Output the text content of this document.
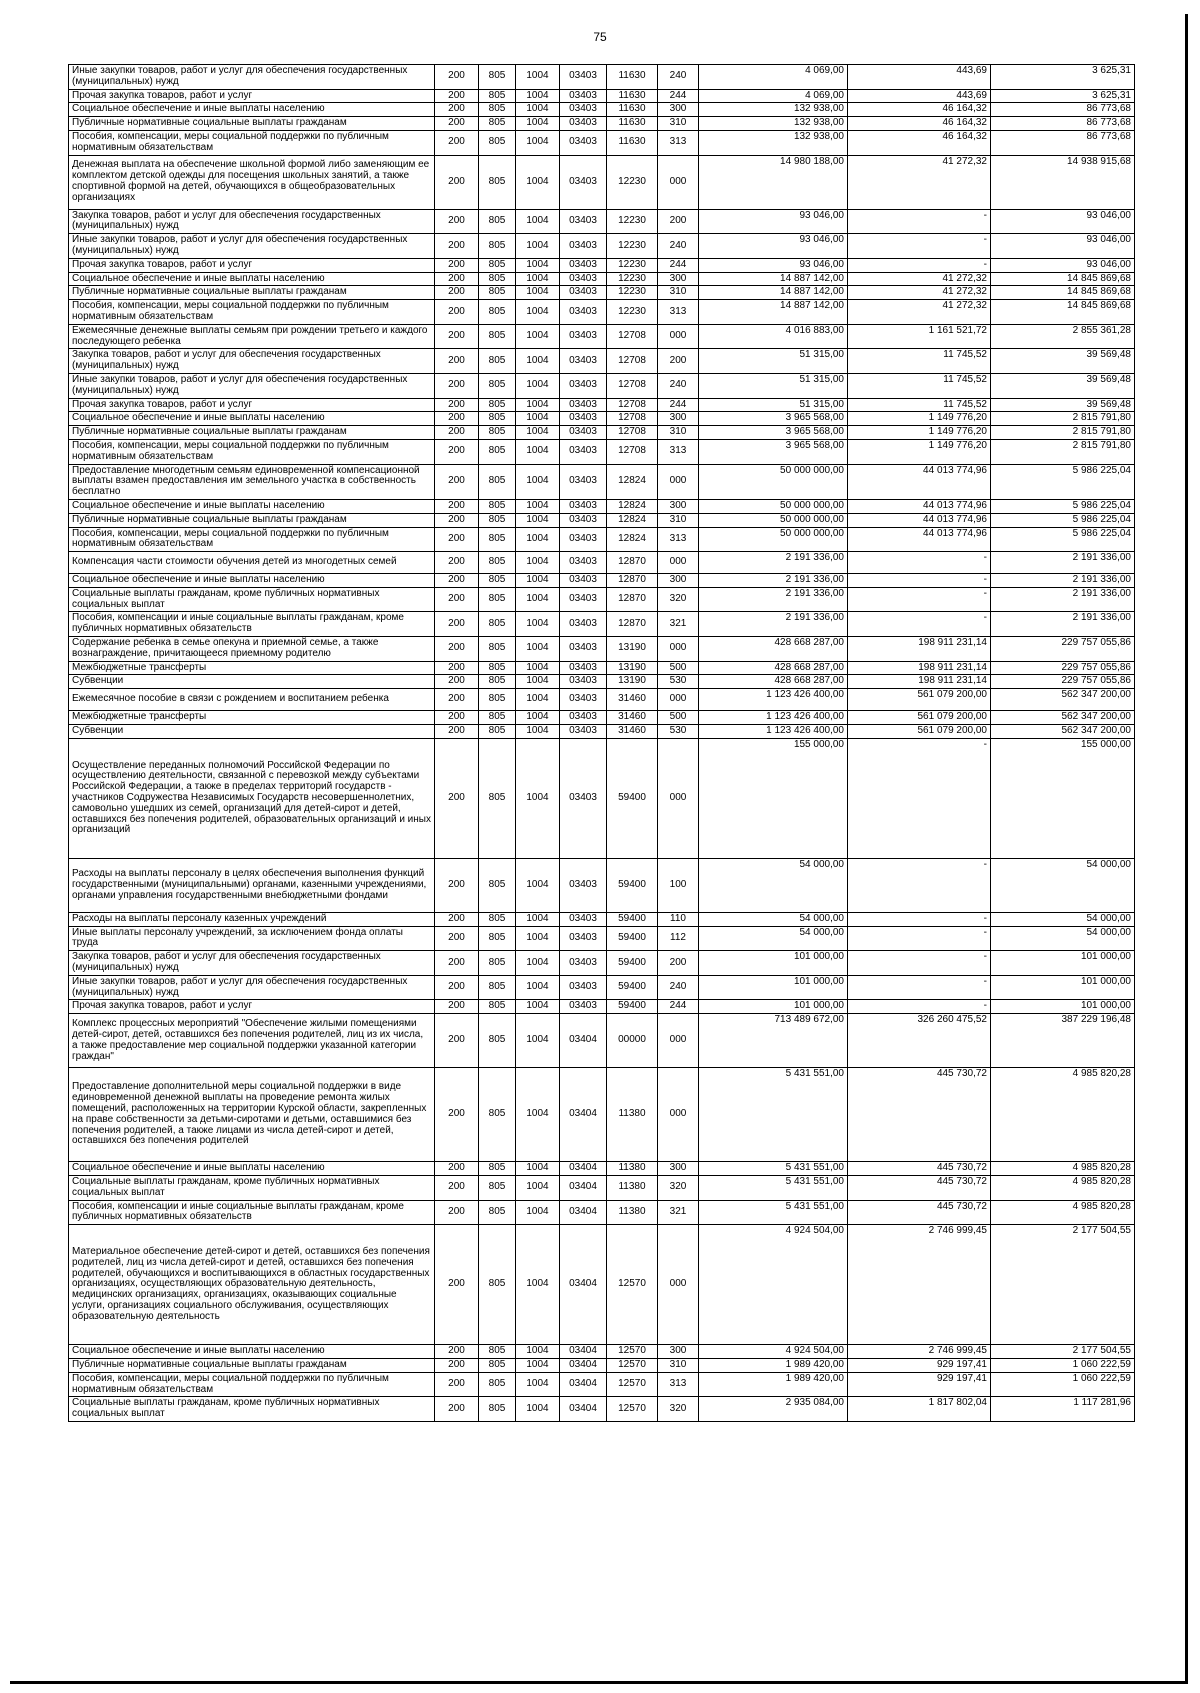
75
Иные закупки товаров, работ и услуг для обеспечения государственных (муниципальных) нужд	200	805	1004	03403	11630	240	4 069,00	443,69	3 625,31
Прочая закупка товаров, работ и услуг	200	805	1004	03403	11630	244	4 069,00	443,69	3 625,31
Социальное обеспечение и иные выплаты населению	200	805	1004	03403	11630	300	132 938,00	46 164,32	86 773,68
Публичные нормативные социальные выплаты гражданам	200	805	1004	03403	11630	310	132 938,00	46 164,32	86 773,68
Пособия, компенсации, меры социальной поддержки по публичным нормативным обязательствам	200	805	1004	03403	11630	313	132 938,00	46 164,32	86 773,68
Денежная выплата на обеспечение школьной формой либо заменяющим ее комплектом детской одежды для посещения школьных занятий, а также спортивной формой на детей, обучающихся в общеобразовательных организациях	200	805	1004	03403	12230	000	14 980 188,00	41 272,32	14 938 915,68
Закупка товаров, работ и услуг для обеспечения государственных (муниципальных) нужд	200	805	1004	03403	12230	200	93 046,00	-	93 046,00
Иные закупки товаров, работ и услуг для обеспечения государственных (муниципальных) нужд	200	805	1004	03403	12230	240	93 046,00	-	93 046,00
Прочая закупка товаров, работ и услуг	200	805	1004	03403	12230	244	93 046,00	-	93 046,00
Социальное обеспечение и иные выплаты населению	200	805	1004	03403	12230	300	14 887 142,00	41 272,32	14 845 869,68
Публичные нормативные социальные выплаты гражданам	200	805	1004	03403	12230	310	14 887 142,00	41 272,32	14 845 869,68
Пособия, компенсации, меры социальной поддержки по публичным нормативным обязательствам	200	805	1004	03403	12230	313	14 887 142,00	41 272,32	14 845 869,68
Ежемесячные денежные выплаты семьям при рождении третьего и каждого последующего ребенка	200	805	1004	03403	12708	000	4 016 883,00	1 161 521,72	2 855 361,28
Закупка товаров, работ и услуг для обеспечения государственных (муниципальных) нужд	200	805	1004	03403	12708	200	51 315,00	11 745,52	39 569,48
Иные закупки товаров, работ и услуг для обеспечения государственных (муниципальных) нужд	200	805	1004	03403	12708	240	51 315,00	11 745,52	39 569,48
Прочая закупка товаров, работ и услуг	200	805	1004	03403	12708	244	51 315,00	11 745,52	39 569,48
Социальное обеспечение и иные выплаты населению	200	805	1004	03403	12708	300	3 965 568,00	1 149 776,20	2 815 791,80
Публичные нормативные социальные выплаты гражданам	200	805	1004	03403	12708	310	3 965 568,00	1 149 776,20	2 815 791,80
Пособия, компенсации, меры социальной поддержки по публичным нормативным обязательствам	200	805	1004	03403	12708	313	3 965 568,00	1 149 776,20	2 815 791,80
Предоставление многодетным семьям единовременной компенсационной выплаты взамен предоставления им земельного участка в собственность бесплатно	200	805	1004	03403	12824	000	50 000 000,00	44 013 774,96	5 986 225,04
Социальное обеспечение и иные выплаты населению	200	805	1004	03403	12824	300	50 000 000,00	44 013 774,96	5 986 225,04
Публичные нормативные социальные выплаты гражданам	200	805	1004	03403	12824	310	50 000 000,00	44 013 774,96	5 986 225,04
Пособия, компенсации, меры социальной поддержки по публичным нормативным обязательствам	200	805	1004	03403	12824	313	50 000 000,00	44 013 774,96	5 986 225,04
Компенсация части стоимости обучения детей из многодетных семей	200	805	1004	03403	12870	000	2 191 336,00	-	2 191 336,00
Социальное обеспечение и иные выплаты населению	200	805	1004	03403	12870	300	2 191 336,00	-	2 191 336,00
Социальные выплаты гражданам, кроме публичных нормативных социальных выплат	200	805	1004	03403	12870	320	2 191 336,00	-	2 191 336,00
Пособия, компенсации и иные социальные выплаты гражданам, кроме публичных нормативных обязательств	200	805	1004	03403	12870	321	2 191 336,00	-	2 191 336,00
Содержание ребенка в семье опекуна и приемной семье, а также вознаграждение, причитающееся приемному родителю	200	805	1004	03403	13190	000	428 668 287,00	198 911 231,14	229 757 055,86
Межбюджетные трансферты	200	805	1004	03403	13190	500	428 668 287,00	198 911 231,14	229 757 055,86
Субвенции	200	805	1004	03403	13190	530	428 668 287,00	198 911 231,14	229 757 055,86
Ежемесячное пособие в связи с рождением и воспитанием ребенка	200	805	1004	03403	31460	000	1 123 426 400,00	561 079 200,00	562 347 200,00
Межбюджетные трансферты	200	805	1004	03403	31460	500	1 123 426 400,00	561 079 200,00	562 347 200,00
Субвенции	200	805	1004	03403	31460	530	1 123 426 400,00	561 079 200,00	562 347 200,00
Осуществление переданных полномочий Российской Федерации по осуществлению деятельности, связанной с перевозкой между субъектами Российской Федерации, а также в пределах территорий государств - участников Содружества Независимых Государств несовершеннолетних, самовольно ушедших из семей, организаций для детей-сирот и детей, оставшихся без попечения родителей, образовательных организаций и иных организаций	200	805	1004	03403	59400	000	155 000,00	-	155 000,00
Расходы на выплаты персоналу в целях обеспечения выполнения функций государственными (муниципальными) органами, казенными учреждениями, органами управления государственными внебюджетными фондами	200	805	1004	03403	59400	100	54 000,00	-	54 000,00
Расходы на выплаты персоналу казенных учреждений	200	805	1004	03403	59400	110	54 000,00	-	54 000,00
Иные выплаты персоналу учреждений, за исключением фонда оплаты труда	200	805	1004	03403	59400	112	54 000,00	-	54 000,00
Закупка товаров, работ и услуг для обеспечения государственных (муниципальных) нужд	200	805	1004	03403	59400	200	101 000,00	-	101 000,00
Иные закупки товаров, работ и услуг для обеспечения государственных (муниципальных) нужд	200	805	1004	03403	59400	240	101 000,00	-	101 000,00
Прочая закупка товаров, работ и услуг	200	805	1004	03403	59400	244	101 000,00	-	101 000,00
Комплекс процессных мероприятий "Обеспечение жилыми помещениями детей-сирот, детей, оставшихся без попечения родителей, лиц из их числа, а также предоставление мер социальной поддержки указанной категории граждан"	200	805	1004	03404	00000	000	713 489 672,00	326 260 475,52	387 229 196,48
Предоставление дополнительной меры социальной поддержки в виде единовременной денежной выплаты на проведение ремонта жилых помещений, расположенных на территории Курской области, закрепленных на праве собственности за детьми-сиротами и детьми, оставшимися без попечения родителей, а также лицами из числа детей-сирот и детей, оставшихся без попечения родителей	200	805	1004	03404	11380	000	5 431 551,00	445 730,72	4 985 820,28
Социальное обеспечение и иные выплаты населению	200	805	1004	03404	11380	300	5 431 551,00	445 730,72	4 985 820,28
Социальные выплаты гражданам, кроме публичных нормативных социальных выплат	200	805	1004	03404	11380	320	5 431 551,00	445 730,72	4 985 820,28
Пособия, компенсации и иные социальные выплаты гражданам, кроме публичных нормативных обязательств	200	805	1004	03404	11380	321	5 431 551,00	445 730,72	4 985 820,28
Материальное обеспечение детей-сирот и детей, оставшихся без попечения родителей, лиц из числа детей-сирот и детей, оставшихся без попечения родителей, обучающихся и воспитывающихся в областных государственных организациях, осуществляющих образовательную деятельность, медицинских организациях, организациях, оказывающих социальные услуги, организациях социального обслуживания, осуществляющих образовательную деятельность	200	805	1004	03404	12570	000	4 924 504,00	2 746 999,45	2 177 504,55
Социальное обеспечение и иные выплаты населению	200	805	1004	03404	12570	300	4 924 504,00	2 746 999,45	2 177 504,55
Публичные нормативные социальные выплаты гражданам	200	805	1004	03404	12570	310	1 989 420,00	929 197,41	1 060 222,59
Пособия, компенсации, меры социальной поддержки по публичным нормативным обязательствам	200	805	1004	03404	12570	313	1 989 420,00	929 197,41	1 060 222,59
Социальные выплаты гражданам, кроме публичных нормативных социальных выплат	200	805	1004	03404	12570	320	2 935 084,00	1 817 802,04	1 117 281,96
